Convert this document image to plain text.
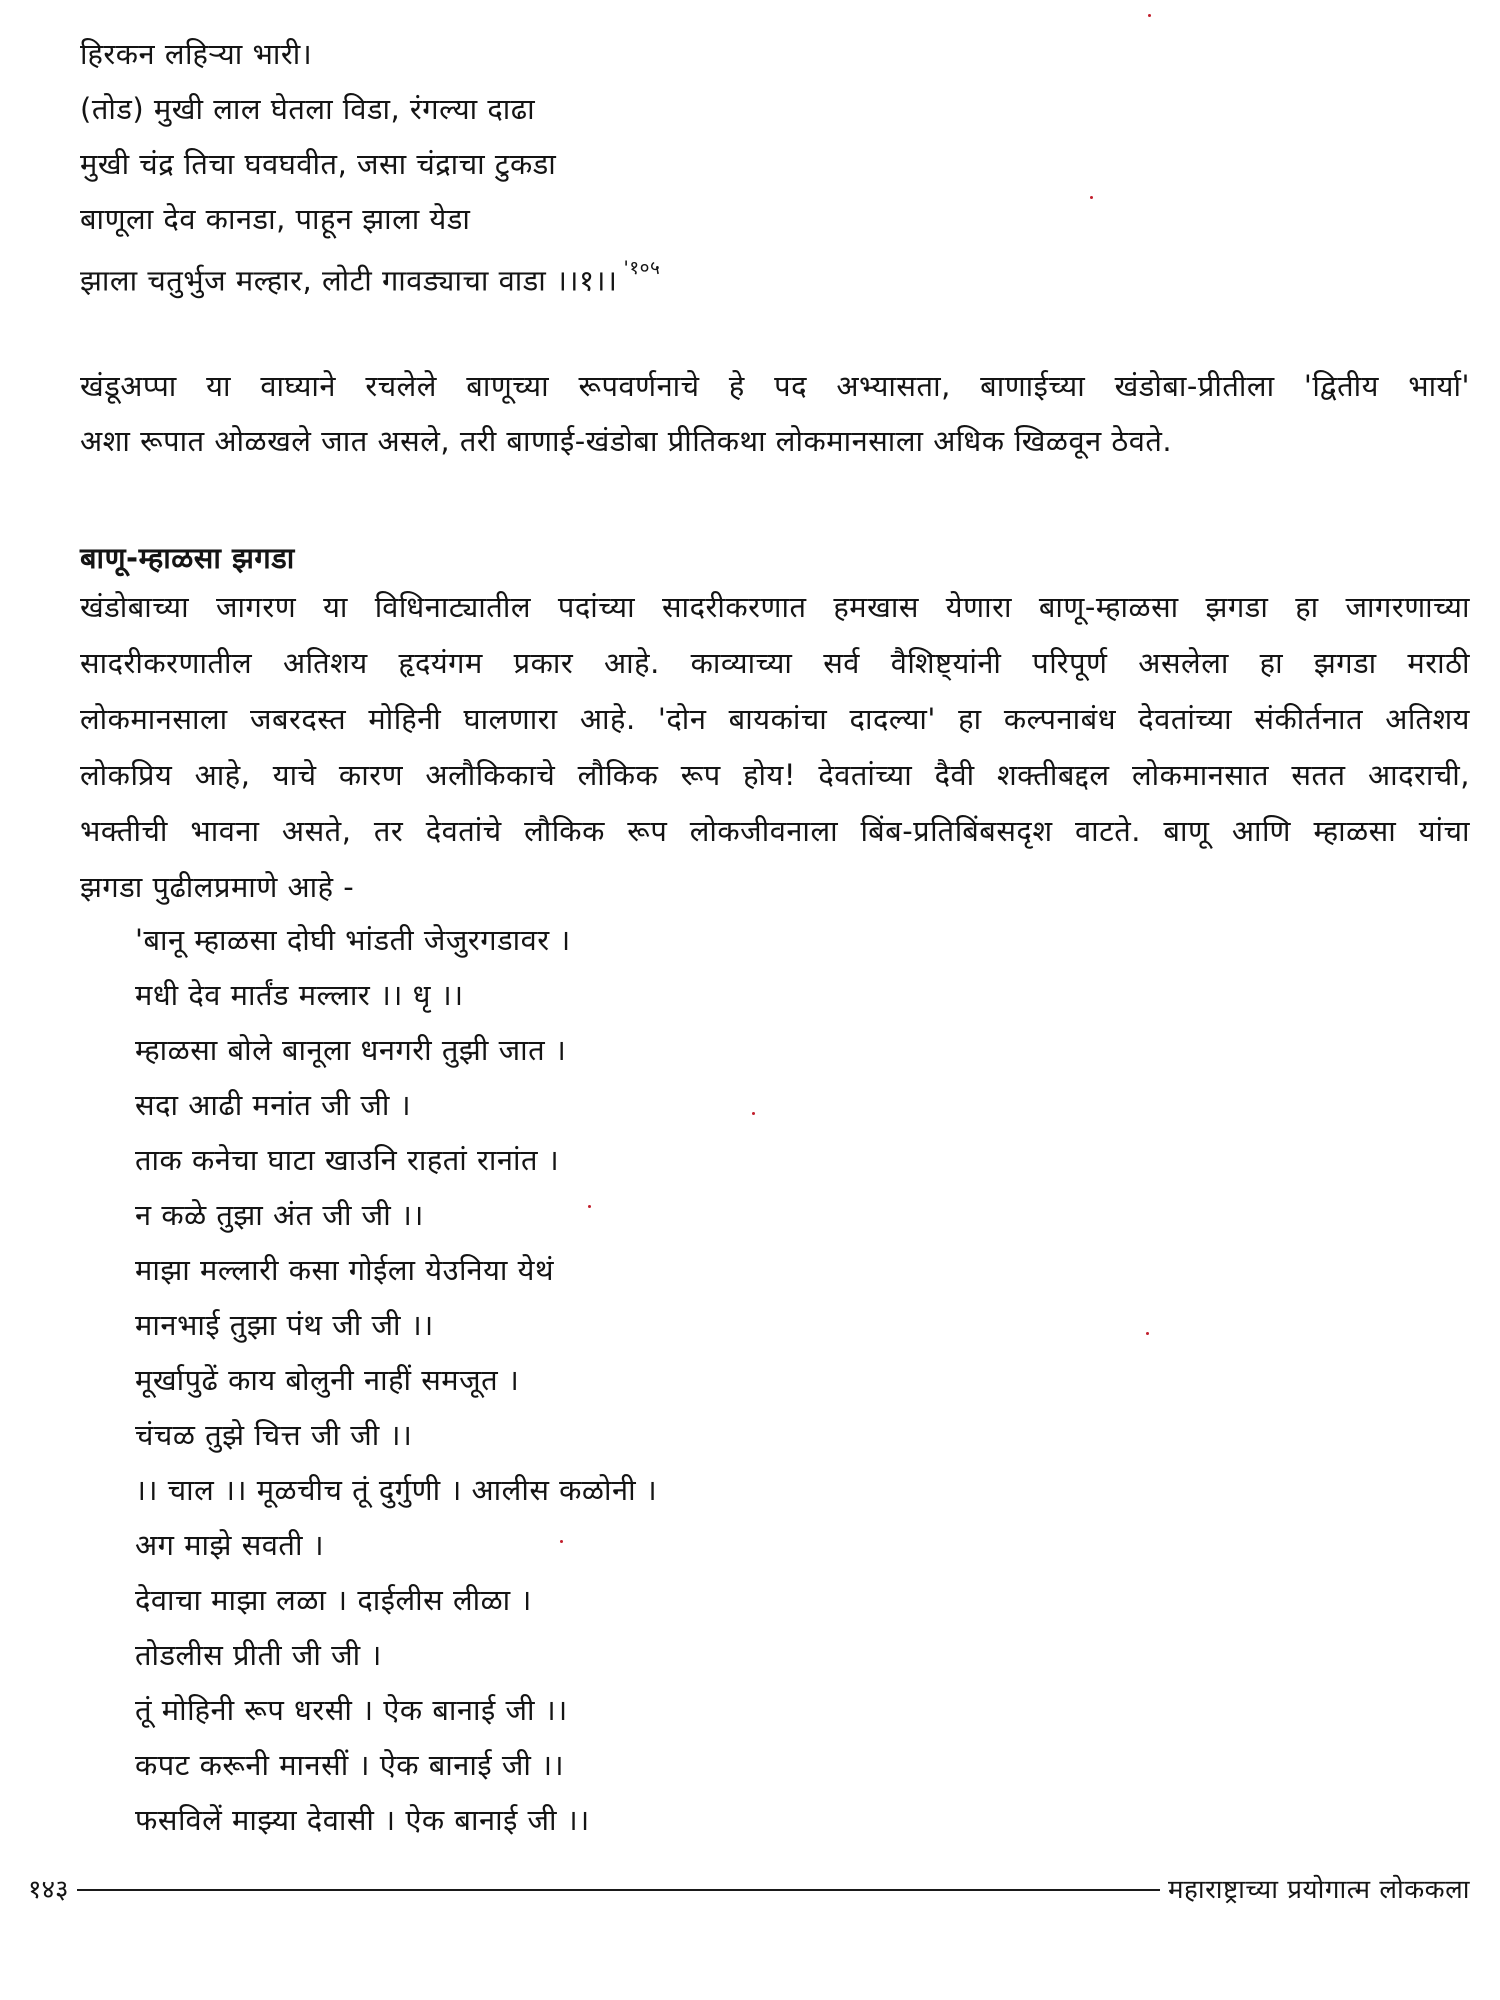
हिरकन लहिऱ्या भारी।
(तोड) मुखी लाल घेतला विडा, रंगल्या दाढा
मुखी चंद्र तिचा घवघवीत, जसा चंद्राचा टुकडा
बाणूला देव कानडा, पाहून झाला येडा
झाला चतुर्भुज मल्हार, लोटी गावड्याचा वाडा ।।१।। $^{'१०५}$
खंडूअप्पा या वाघ्याने रचलेले बाणूच्या रूपवर्णनाचे हे पद अभ्यासता, बाणाईच्या खंडोबा-प्रीतीला 'द्वितीय भार्या'
अशा रूपात ओळखले जात असले, तरी बाणाई-खंडोबा प्रीतिकथा लोकमानसाला अधिक खिळवून ठेवते.
बाणू-म्हाळसा झगडा
खंडोबाच्या जागरण या विधिनाट्यातील पदांच्या सादरीकरणात हमखास येणारा बाणू-म्हाळसा झगडा हा जागरणाच्या
सादरीकरणातील अतिशय हृदयंगम प्रकार आहे. काव्याच्या सर्व वैशिष्ट्यांनी परिपूर्ण असलेला हा झगडा मराठी
लोकमानसाला जबरदस्त मोहिनी घालणारा आहे. 'दोन बायकांचा दादल्या' हा कल्पनाबंध देवतांच्या संकीर्तनात अतिशय
लोकप्रिय आहे, याचे कारण अलौकिकाचे लौकिक रूप होय! देवतांच्या दैवी शक्तीबद्दल लोकमानसात सतत आदराची,
भक्तीची भावना असते, तर देवतांचे लौकिक रूप लोकजीवनाला बिंब-प्रतिबिंबसदृश वाटते. बाणू आणि म्हाळसा यांचा
झगडा पुढीलप्रमाणे आहे -
'बानू म्हाळसा दोघी भांडती जेजुरगडावर ।
मधी देव मार्तंड मल्लार ।। धृ ।।
म्हाळसा बोले बानूला धनगरी तुझी जात ।
सदा आढी मनांत जी जी ।
ताक कनेचा घाटा खाउनि राहतां रानांत ।
न कळे तुझा अंत जी जी ।।
माझा मल्लारी कसा गोईला येउनिया येथं
मानभाई तुझा पंथ जी जी ।।
मूर्खापुढें काय बोलुनी नाहीं समजूत ।
चंचळ तुझे चित्त जी जी ।।
।। चाल ।। मूळचीच तूं दुर्गुणी । आलीस कळोनी ।
अग माझे सवती ।
देवाचा माझा लळा । दाईलीस लीळा ।
तोडलीस प्रीती जी जी ।
तूं मोहिनी रूप धरसी । ऐक बानाई जी ।।
कपट करूनी मानसीं । ऐक बानाई जी ।।
फसविलें माझ्या देवासी । ऐक बानाई जी ।।
१४३	महाराष्ट्राच्या प्रयोगात्म लोककला
